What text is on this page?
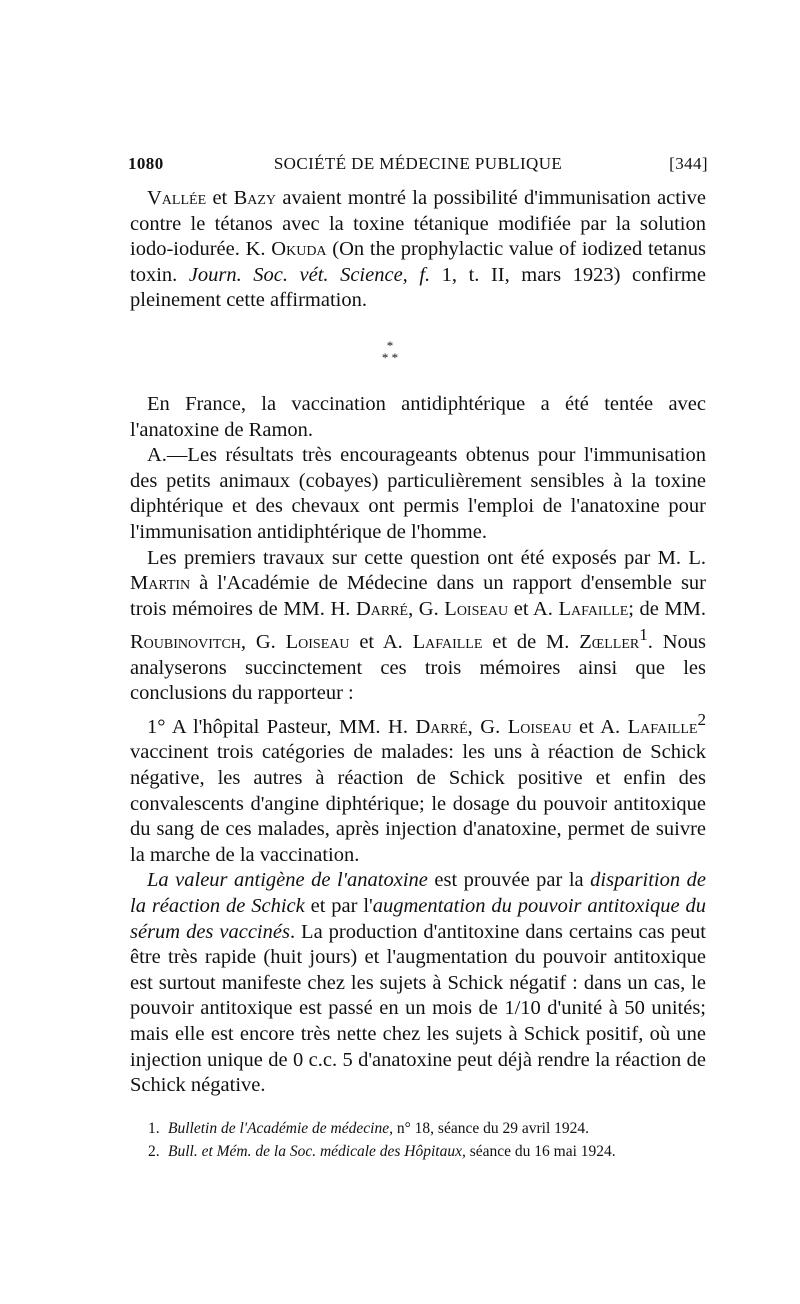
1080	SOCIÉTÉ DE MÉDECINE PUBLIQUE	[344]

Vallée et Bazy avaient montré la possibilité d'immunisation active contre le tétanos avec la toxine tétanique modifiée par la solution iodo-iodurée. K. Okuda (On the prophylactic value of iodized tetanus toxin. Journ. Soc. vét. Science, f. 1, t. II, mars 1923) confirme pleinement cette affirmation.

*
* *

En France, la vaccination antidiphtérique a été tentée avec l'anatoxine de Ramon.

A.—Les résultats très encourageants obtenus pour l'immunisation des petits animaux (cobayes) particulièrement sensibles à la toxine diphtérique et des chevaux ont permis l'emploi de l'anatoxine pour l'immunisation antidiphtérique de l'homme.

Les premiers travaux sur cette question ont été exposés par M. L. Martin à l'Académie de Médecine dans un rapport d'ensemble sur trois mémoires de MM. H. Darré, G. Loiseau et A. Lafaille; de MM. Roubinovitch, G. Loiseau et A. Lafaille et de M. Zœller$^1$. Nous analyserons succinctement ces trois mémoires ainsi que les conclusions du rapporteur :

1° A l'hôpital Pasteur, MM. H. Darré, G. Loiseau et A. Lafaille$^2$ vaccinent trois catégories de malades: les uns à réaction de Schick négative, les autres à réaction de Schick positive et enfin des convalescents d'angine diphtérique; le dosage du pouvoir antitoxique du sang de ces malades, après injection d'anatoxine, permet de suivre la marche de la vaccination.

La valeur antigène de l'anatoxine est prouvée par la disparition de la réaction de Schick et par l'augmentation du pouvoir antitoxique du sérum des vaccinés. La production d'antitoxine dans certains cas peut être très rapide (huit jours) et l'augmentation du pouvoir antitoxique est surtout manifeste chez les sujets à Schick négatif : dans un cas, le pouvoir antitoxique est passé en un mois de 1/10 d'unité à 50 unités; mais elle est encore très nette chez les sujets à Schick positif, où une injection unique de 0 c.c. 5 d'anatoxine peut déjà rendre la réaction de Schick négative.

1. Bulletin de l'Académie de médecine, n° 18, séance du 29 avril 1924.

2. Bull. et Mém. de la Soc. médicale des Hôpitaux, séance du 16 mai 1924.
